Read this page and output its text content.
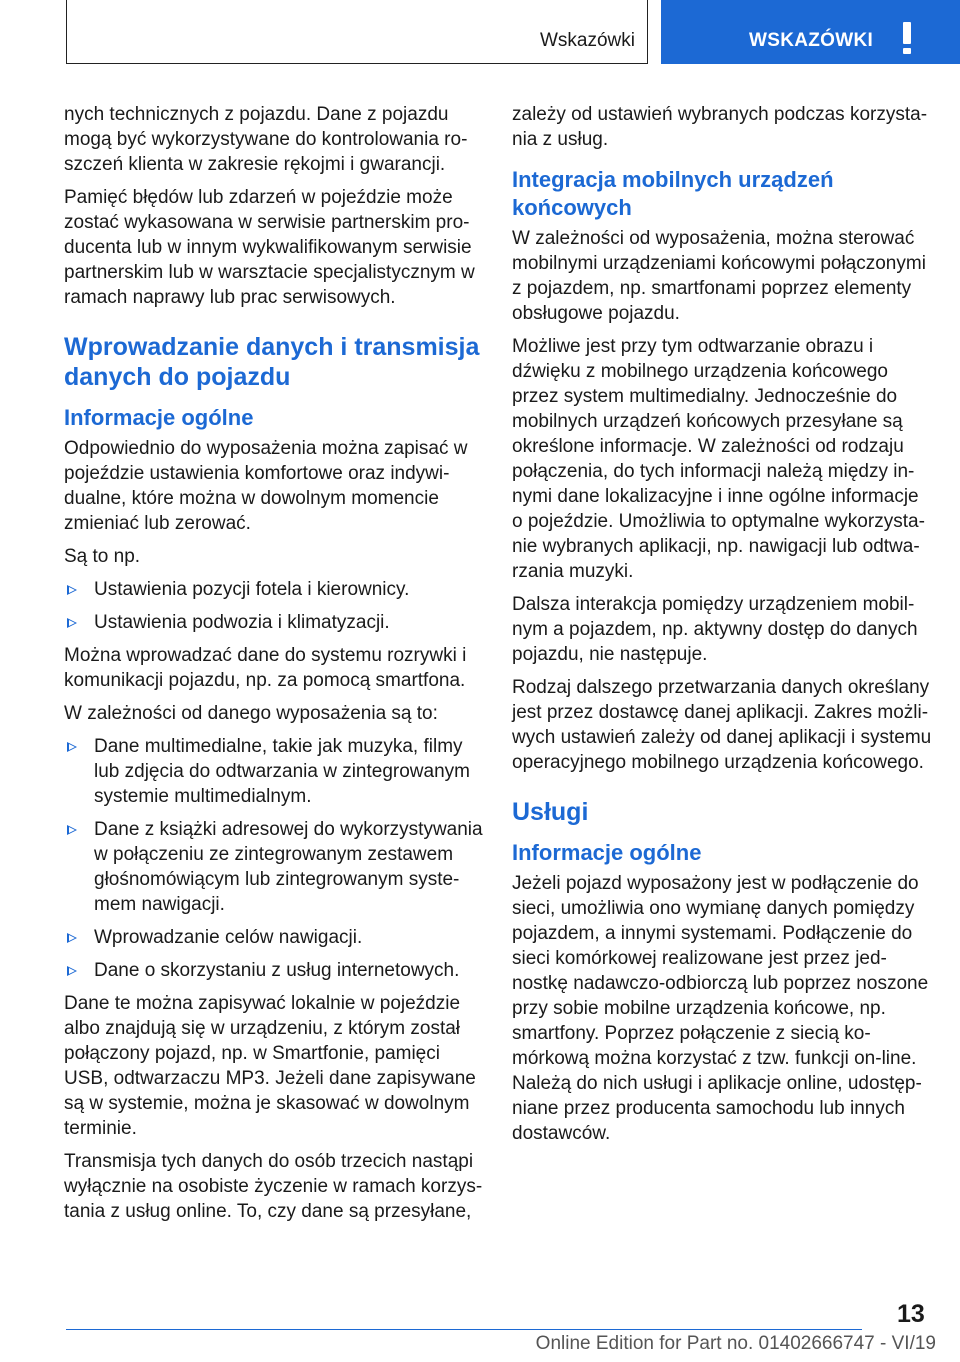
Wskazówki	WSKAZÓWKI

nych technicznych z pojazdu. Dane z pojazdu mogą być wykorzystywane do kontrolowania roszczeń klienta w zakresie rękojmi i gwarancji.

Pamięć błędów lub zdarzeń w pojeździe może zostać wykasowana w serwisie partnerskim producenta lub w innym wykwalifikowanym serwisie partnerskim lub w warsztacie specjalistycznym w ramach naprawy lub prac serwisowych.

Wprowadzanie danych i transmisja danych do pojazdu
Informacje ogólne

Odpowiednio do wyposażenia można zapisać w pojeździe ustawienia komfortowe oraz indywidualne, które można w dowolnym momencie zmieniać lub zerować.

Są to np.

Ustawienia pozycji fotela i kierownicy.
Ustawienia podwozia i klimatyzacji.

Można wprowadzać dane do systemu rozrywki i komunikacji pojazdu, np. za pomocą smartfona.

W zależności od danego wyposażenia są to:

Dane multimedialne, takie jak muzyka, filmy lub zdjęcia do odtwarzania w zintegrowanym systemie multimedialnym.
Dane z książki adresowej do wykorzystywania w połączeniu ze zintegrowanym zestawem głośnomówiącym lub zintegrowanym systemem nawigacji.
Wprowadzanie celów nawigacji.
Dane o skorzystaniu z usług internetowych.

Dane te można zapisywać lokalnie w pojeździe albo znajdują się w urządzeniu, z którym został połączony pojazd, np. w Smartfonie, pamięci USB, odtwarzaczu MP3. Jeżeli dane zapisywane są w systemie, można je skasować w dowolnym terminie.

Transmisja tych danych do osób trzecich nastąpi wyłącznie na osobiste życzenie w ramach korzystania z usług online. To, czy dane są przesyłane,

zależy od ustawień wybranych podczas korzystania z usług.

Integracja mobilnych urządzeń końcowych

W zależności od wyposażenia, można sterować mobilnymi urządzeniami końcowymi połączonymi z pojazdem, np. smartfonami poprzez elementy obsługowe pojazdu.

Możliwe jest przy tym odtwarzanie obrazu i dźwięku z mobilnego urządzenia końcowego przez system multimedialny. Jednocześnie do mobilnych urządzeń końcowych przesyłane są określone informacje. W zależności od rodzaju połączenia, do tych informacji należą między innymi dane lokalizacyjne i inne ogólne informacje o pojeździe. Umożliwia to optymalne wykorzystanie wybranych aplikacji, np. nawigacji lub odtwarzania muzyki.

Dalsza interakcja pomiędzy urządzeniem mobilnym a pojazdem, np. aktywny dostęp do danych pojazdu, nie następuje.

Rodzaj dalszego przetwarzania danych określany jest przez dostawcę danej aplikacji. Zakres możliwych ustawień zależy od danej aplikacji i systemu operacyjnego mobilnego urządzenia końcowego.

Usługi
Informacje ogólne

Jeżeli pojazd wyposażony jest w podłączenie do sieci, umożliwia ono wymianę danych pomiędzy pojazdem, a innymi systemami. Podłączenie do sieci komórkowej realizowane jest przez jednostkę nadawczo-odbiorczą lub poprzez noszone przy sobie mobilne urządzenia końcowe, np. smartfony. Poprzez połączenie z siecią komórkową można korzystać z tzw. funkcji on-line. Należą do nich usługi i aplikacje online, udostępniane przez producenta samochodu lub innych dostawców.

13
Online Edition for Part no. 01402666747 - VI/19
